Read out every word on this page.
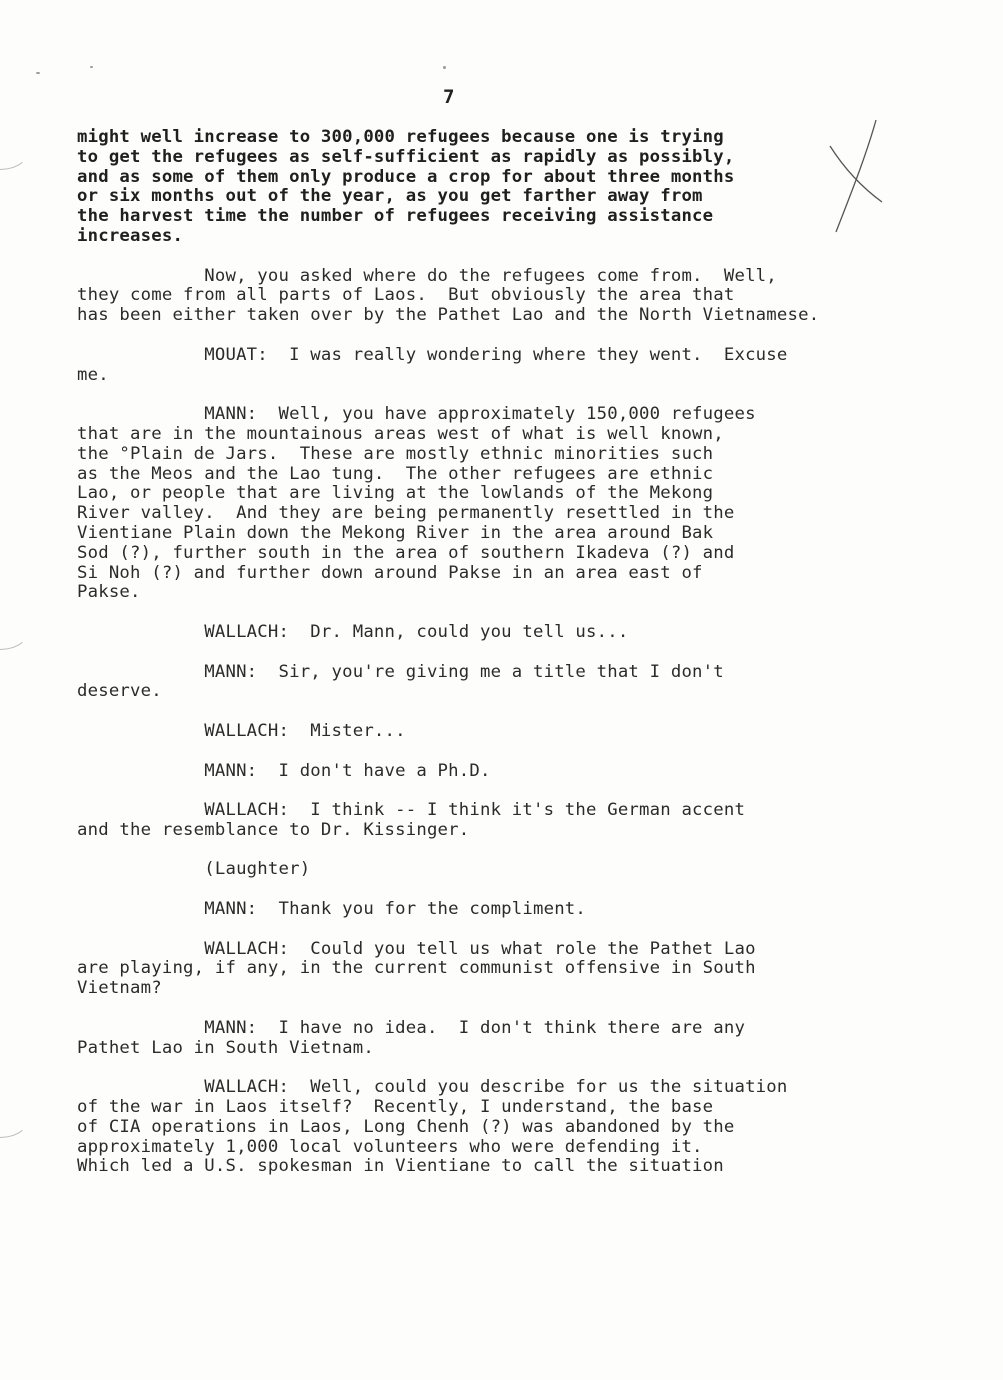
7
might well increase to 300,000 refugees because one is trying
to get the refugees as self-sufficient as rapidly as possibly,
and as some of them only produce a crop for about three months
or six months out of the year, as you get farther away from
the harvest time the number of refugees receiving assistance
increases.
Now, you asked where do the refugees come from.  Well,
they come from all parts of Laos.  But obviously the area that
has been either taken over by the Pathet Lao and the North Vietnamese.
MOUAT:  I was really wondering where they went.  Excuse
me.
MANN:  Well, you have approximately 150,000 refugees
that are in the mountainous areas west of what is well known,
the °Plain de Jars.  These are mostly ethnic minorities such
as the Meos and the Lao tung.  The other refugees are ethnic
Lao, or people that are living at the lowlands of the Mekong
River valley.  And they are being permanently resettled in the
Vientiane Plain down the Mekong River in the area around Bak
Sod (?), further south in the area of southern Ikadeva (?) and
Si Noh (?) and further down around Pakse in an area east of
Pakse.
WALLACH:  Dr. Mann, could you tell us...
MANN:  Sir, you're giving me a title that I don't
deserve.
WALLACH:  Mister...
MANN:  I don't have a Ph.D.
WALLACH:  I think -- I think it's the German accent
and the resemblance to Dr. Kissinger.
(Laughter)
MANN:  Thank you for the compliment.
WALLACH:  Could you tell us what role the Pathet Lao
are playing, if any, in the current communist offensive in South
Vietnam?
MANN:  I have no idea.  I don't think there are any
Pathet Lao in South Vietnam.
WALLACH:  Well, could you describe for us the situation
of the war in Laos itself?  Recently, I understand, the base
of CIA operations in Laos, Long Chenh (?) was abandoned by the
approximately 1,000 local volunteers who were defending it.
Which led a U.S. spokesman in Vientiane to call the situation
